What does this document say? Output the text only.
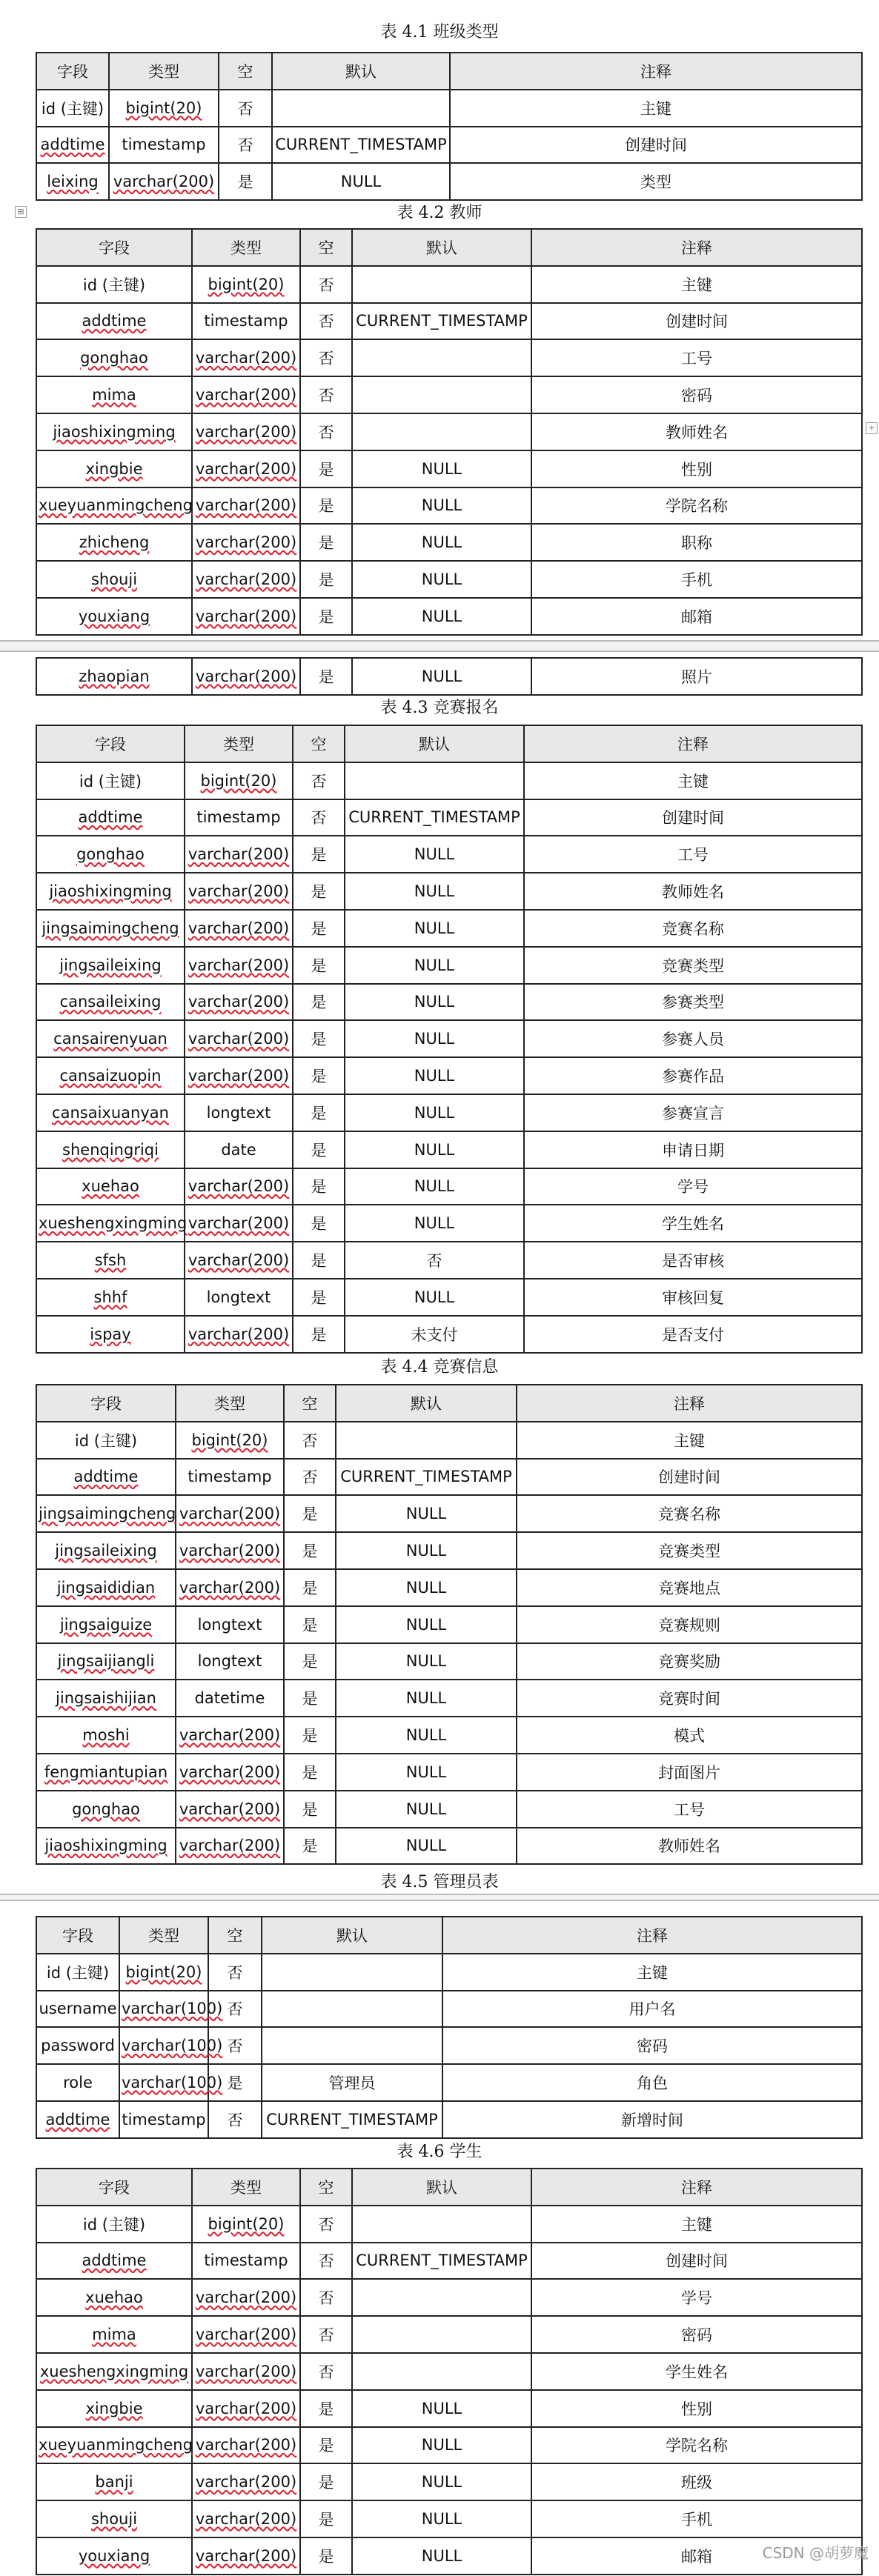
表 4.1 班级类型
字段	类型	空	默认	注释
id (主键)	bigint(20)	否		主键
addtime	timestamp	否	CURRENT_TIMESTAMP	创建时间
leixing	varchar(200)	是	NULL	类型
表 4.2 教师
字段	类型	空	默认	注释
id (主键)	bigint(20)	否		主键
addtime	timestamp	否	CURRENT_TIMESTAMP	创建时间
gonghao	varchar(200)	否		工号
mima	varchar(200)	否		密码
jiaoshixingming	varchar(200)	否		教师姓名
xingbie	varchar(200)	是	NULL	性别
xueyuanmingcheng	varchar(200)	是	NULL	学院名称
zhicheng	varchar(200)	是	NULL	职称
shouji	varchar(200)	是	NULL	手机
youxiang	varchar(200)	是	NULL	邮箱
zhaopian	varchar(200)	是	NULL	照片
表 4.3 竞赛报名
字段	类型	空	默认	注释
id (主键)	bigint(20)	否		主键
addtime	timestamp	否	CURRENT_TIMESTAMP	创建时间
gonghao	varchar(200)	是	NULL	工号
jiaoshixingming	varchar(200)	是	NULL	教师姓名
jingsaimingcheng	varchar(200)	是	NULL	竞赛名称
jingsaileixing	varchar(200)	是	NULL	竞赛类型
cansaileixing	varchar(200)	是	NULL	参赛类型
cansairenyuan	varchar(200)	是	NULL	参赛人员
cansaizuopin	varchar(200)	是	NULL	参赛作品
cansaixuanyan	longtext	是	NULL	参赛宣言
shenqingriqi	date	是	NULL	申请日期
xuehao	varchar(200)	是	NULL	学号
xueshengxingming	varchar(200)	是	NULL	学生姓名
sfsh	varchar(200)	是	否	是否审核
shhf	longtext	是	NULL	审核回复
ispay	varchar(200)	是	未支付	是否支付
表 4.4 竞赛信息
字段	类型	空	默认	注释
id (主键)	bigint(20)	否		主键
addtime	timestamp	否	CURRENT_TIMESTAMP	创建时间
jingsaimingcheng	varchar(200)	是	NULL	竞赛名称
jingsaileixing	varchar(200)	是	NULL	竞赛类型
jingsaididian	varchar(200)	是	NULL	竞赛地点
jingsaiguize	longtext	是	NULL	竞赛规则
jingsaijiangli	longtext	是	NULL	竞赛奖励
jingsaishijian	datetime	是	NULL	竞赛时间
moshi	varchar(200)	是	NULL	模式
fengmiantupian	varchar(200)	是	NULL	封面图片
gonghao	varchar(200)	是	NULL	工号
jiaoshixingming	varchar(200)	是	NULL	教师姓名
表 4.5 管理员表
字段	类型	空	默认	注释
id (主键)	bigint(20)	否		主键
username	varchar(100)	否		用户名
password	varchar(100)	否		密码
role	varchar(100)	是	管理员	角色
addtime	timestamp	否	CURRENT_TIMESTAMP	新增时间
表 4.6 学生
字段	类型	空	默认	注释
id (主键)	bigint(20)	否		主键
addtime	timestamp	否	CURRENT_TIMESTAMP	创建时间
xuehao	varchar(200)	否		学号
mima	varchar(200)	否		密码
xueshengxingming	varchar(200)	否		学生姓名
xingbie	varchar(200)	是	NULL	性别
xueyuanmingcheng	varchar(200)	是	NULL	学院名称
banji	varchar(200)	是	NULL	班级
shouji	varchar(200)	是	NULL	手机
youxiang	varchar(200)	是	NULL	邮箱
⊞
+
CSDN @胡萝魔
